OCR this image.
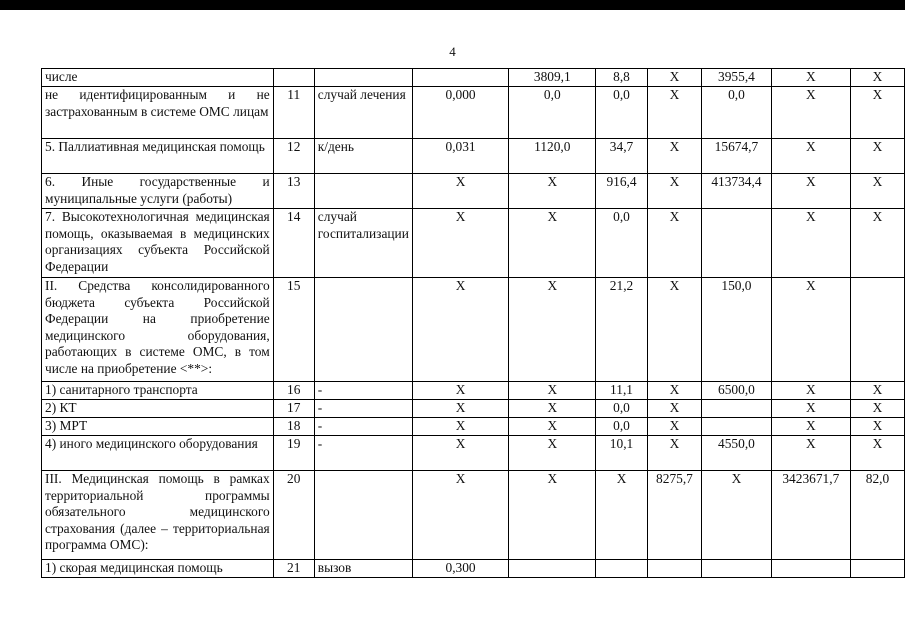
4
числе				3809,1	8,8	Х	3955,4	Х	Х
не идентифицированным и не застрахованным в системе ОМС лицам	11	случай лечения	0,000	0,0	0,0	Х	0,0	Х	Х
5. Паллиативная медицинская помощь	12	к/день	0,031	1120,0	34,7	Х	15674,7	Х	Х
6. Иные государственные и муниципальные услуги (работы)	13		Х	Х	916,4	Х	413734,4	Х	Х
7. Высокотехнологичная медицинская помощь, оказываемая в медицинских организациях субъекта Российской Федерации	14	случай госпитализации	Х	Х	0,0	Х		Х	Х
II. Средства консолидированного бюджета субъекта Российской Федерации на приобретение медицинского оборудования, работающих в системе ОМС, в том числе на приобретение <**>:	15		Х	Х	21,2	Х	150,0	Х	
1) санитарного транспорта	16	-	Х	Х	11,1	Х	6500,0	Х	Х
2) КТ	17	-	Х	Х	0,0	Х		Х	Х
3) МРТ	18	-	Х	Х	0,0	Х		Х	Х
4) иного медицинского оборудования	19	-	Х	Х	10,1	Х	4550,0	Х	Х
III. Медицинская помощь в рамках территориальной программы обязательного медицинского страхования (далее – территориальная программа ОМС):	20		Х	Х	Х	8275,7	Х	3423671,7	82,0
1) скорая медицинская помощь	21	вызов	0,300						
